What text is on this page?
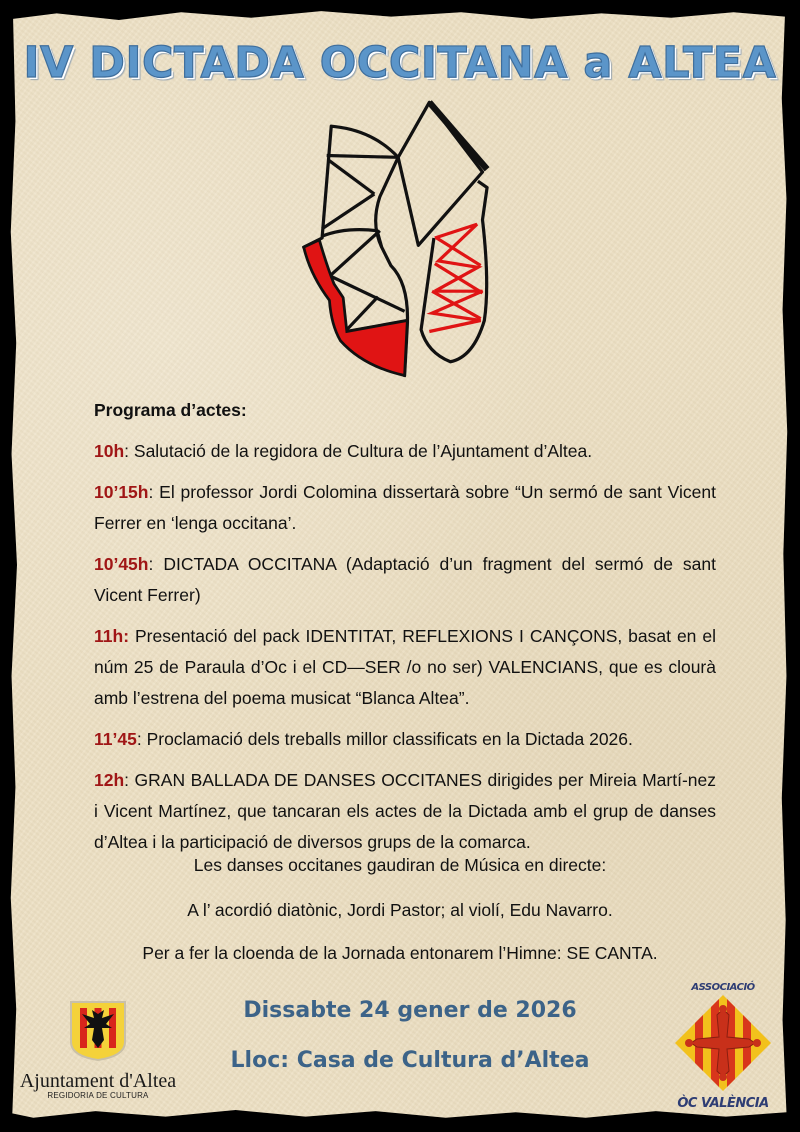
IV DICTADA OCCITANA a ALTEA
Programa d’actes:

10h: Salutació de la regidora de Cultura de l’Ajuntament d’Altea.

10’15h: El professor Jordi Colomina dissertarà sobre “Un sermó de sant Vicent Ferrer en ‘lenga occitana’.

10’45h: DICTADA OCCITANA (Adaptació d’un fragment del sermó de sant Vicent Ferrer)

11h: Presentació del pack IDENTITAT, REFLEXIONS I CANÇONS, basat en el núm 25 de Paraula d’Oc i el CD—SER /o no ser) VALENCIANS, que es clourà amb l’estrena del poema musicat “Blanca Altea”.

11’45: Proclamació dels treballs millor classificats en la Dictada 2026.

12h: GRAN BALLADA DE DANSES OCCITANES dirigides per Mireia Martí-nez i Vicent Martínez, que tancaran els actes de la Dictada amb el grup de danses d’Altea i la participació de diversos grups de la comarca.

Les danses occitanes gaudiran de Música en directe:
A l’ acordió diatònic, Jordi Pastor; al violí, Edu Navarro.
Per a fer la cloenda de la Jornada entonarem l’Himne: SE CANTA.
Dissabte 24 gener de 2026
Lloc: Casa de Cultura d’Altea
Ajuntament d'Altea
REGIDORIA DE CULTURA
ASSOCIACIÓ
ÒC VALÈNCIA
